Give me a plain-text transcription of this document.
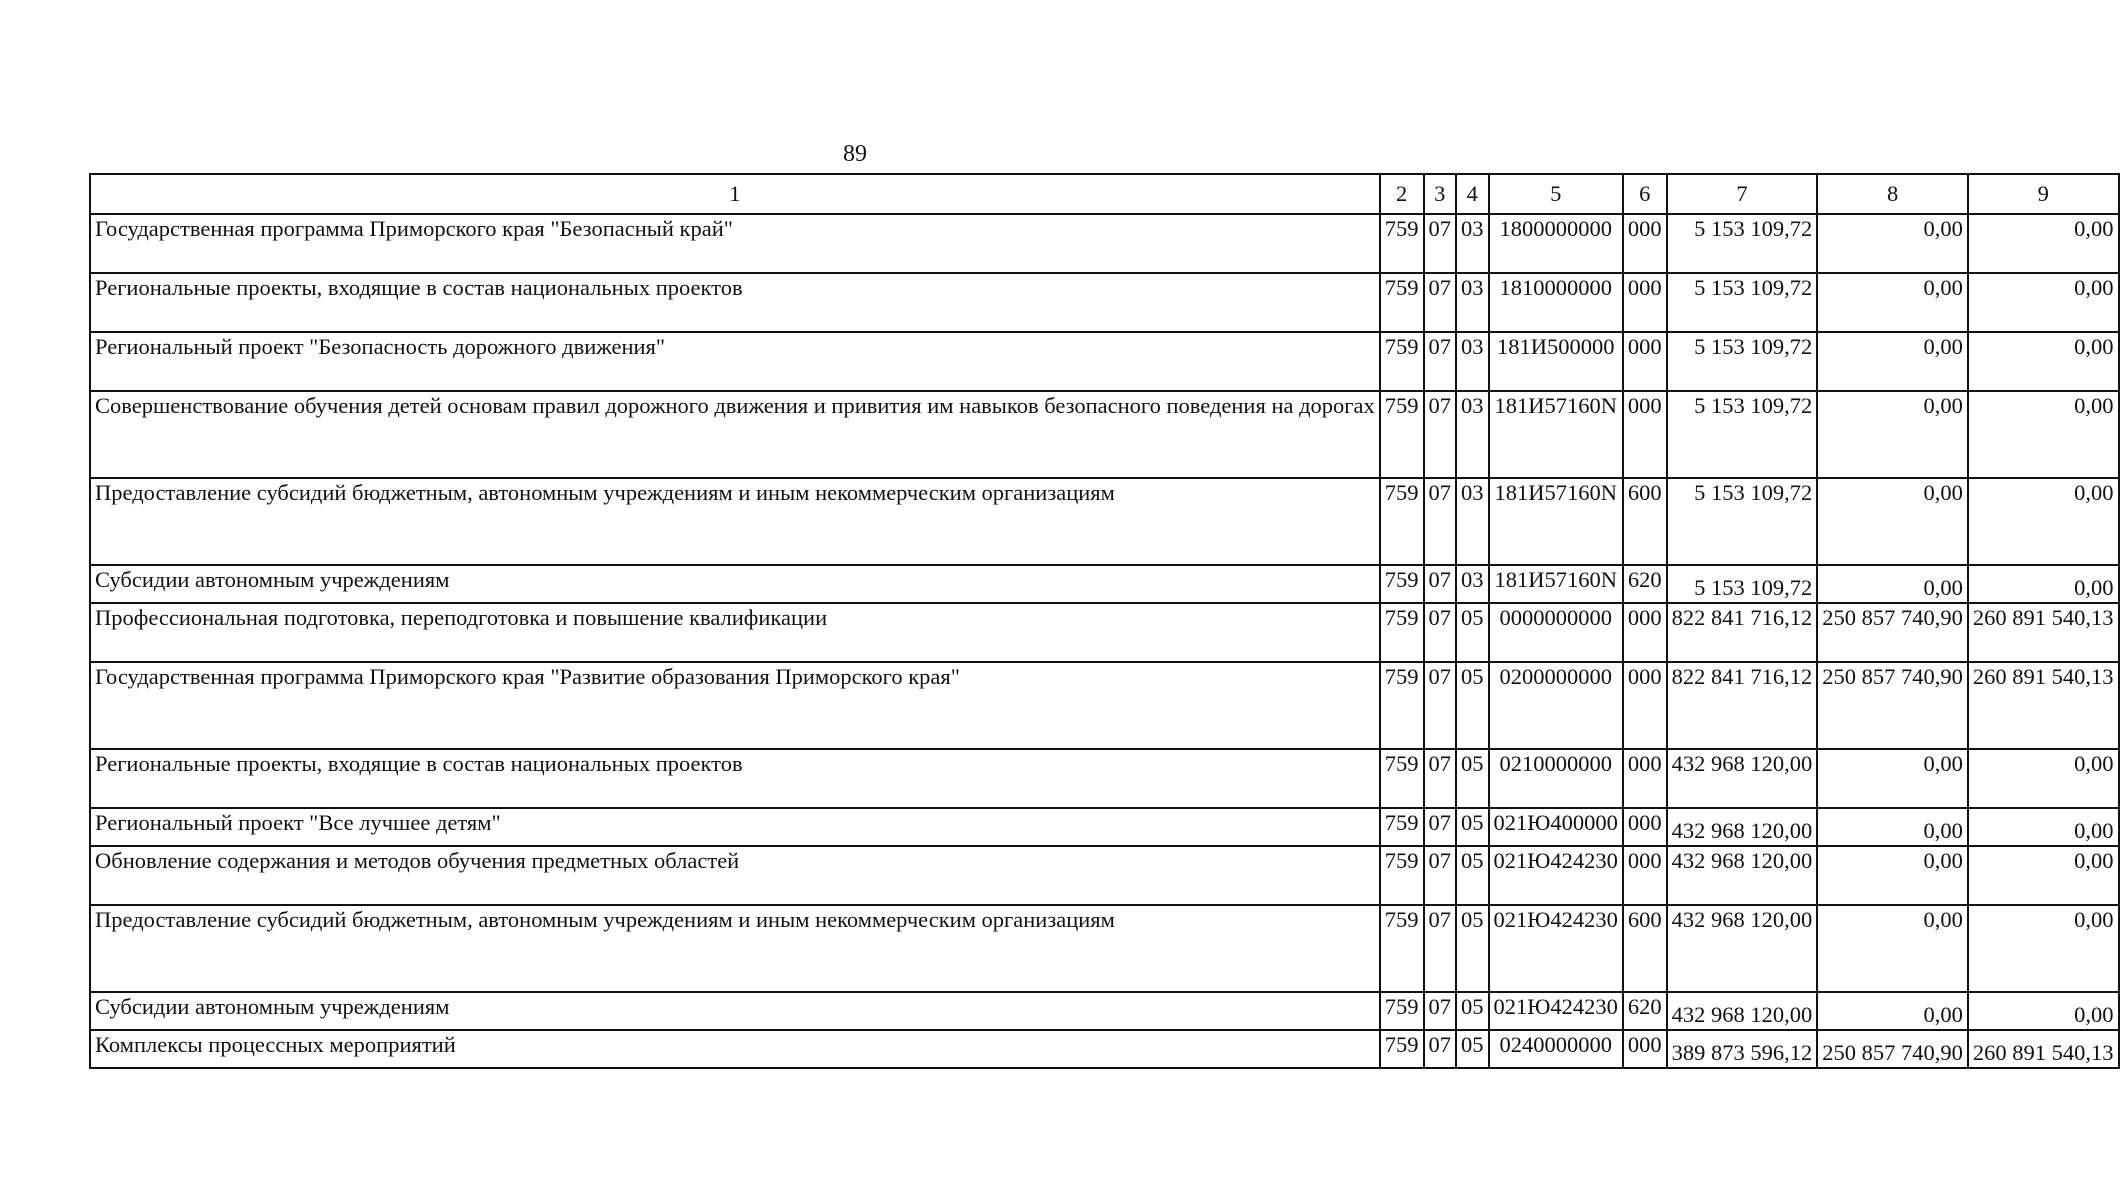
89
1	2	3	4	5	6	7	8	9
Государственная программа Приморского края "Безопасный край"	759	07	03	1800000000	000	5 153 109,72	0,00	0,00
Региональные проекты, входящие в состав национальных проектов	759	07	03	1810000000	000	5 153 109,72	0,00	0,00
Региональный проект "Безопасность дорожного движения"	759	07	03	181И500000	000	5 153 109,72	0,00	0,00
Совершенствование обучения детей основам правил дорожного движения и привития им навыков безопасного поведения на дорогах	759	07	03	181И57160N	000	5 153 109,72	0,00	0,00
Предоставление субсидий бюджетным, автономным учреждениям и иным некоммерческим организациям	759	07	03	181И57160N	600	5 153 109,72	0,00	0,00
Субсидии автономным учреждениям	759	07	03	181И57160N	620	5 153 109,72	0,00	0,00
Профессиональная подготовка, переподготовка и повышение квалификации	759	07	05	0000000000	000	822 841 716,12	250 857 740,90	260 891 540,13
Государственная программа Приморского края "Развитие образования Приморского края"	759	07	05	0200000000	000	822 841 716,12	250 857 740,90	260 891 540,13
Региональные проекты, входящие в состав национальных проектов	759	07	05	0210000000	000	432 968 120,00	0,00	0,00
Региональный проект "Все лучшее детям"	759	07	05	021Ю400000	000	432 968 120,00	0,00	0,00
Обновление содержания и методов обучения предметных областей	759	07	05	021Ю424230	000	432 968 120,00	0,00	0,00
Предоставление субсидий бюджетным, автономным учреждениям и иным некоммерческим организациям	759	07	05	021Ю424230	600	432 968 120,00	0,00	0,00
Субсидии автономным учреждениям	759	07	05	021Ю424230	620	432 968 120,00	0,00	0,00
Комплексы процессных мероприятий	759	07	05	0240000000	000	389 873 596,12	250 857 740,90	260 891 540,13
